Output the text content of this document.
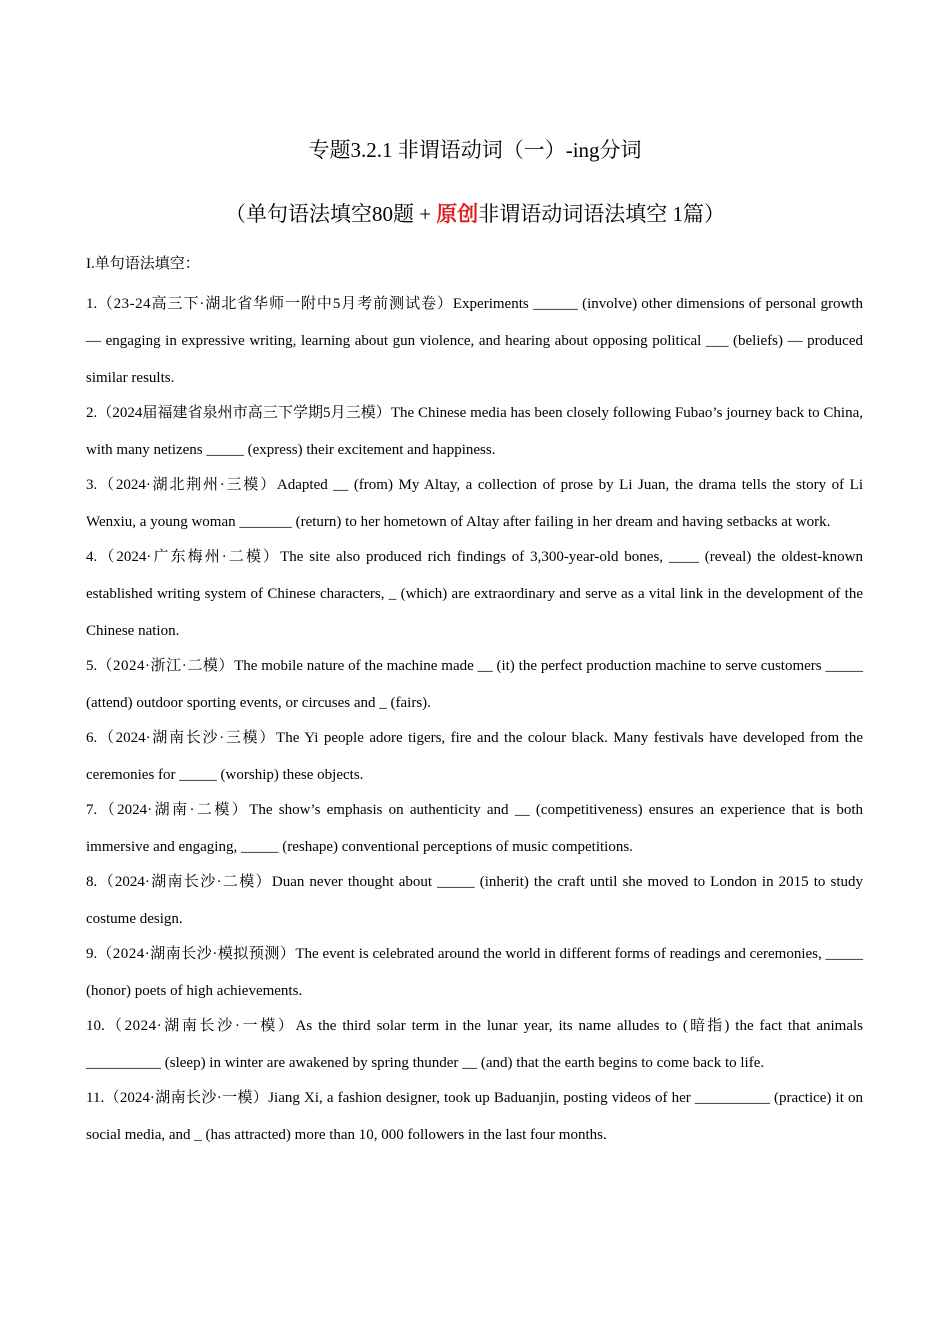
专题3.2.1 非谓语动词（一）-ing分词
（单句语法填空80题 + 原创非谓语动词语法填空 1篇）
I.单句语法填空：

1.（23-24高三下·湖北省华师一附中5月考前测试卷）Experiments ______ (involve) other dimensions of personal growth — engaging in expressive writing, learning about gun violence, and hearing about opposing political ___ (beliefs) — produced similar results.

2.（2024届福建省泉州市高三下学期5月三模）The Chinese media has been closely following Fubao’s journey back to China, with many netizens _____ (express) their excitement and happiness.

3.（2024·湖北荆州·三模）Adapted __ (from) My Altay, a collection of prose by Li Juan, the drama tells the story of Li Wenxiu, a young woman _______ (return) to her hometown of Altay after failing in her dream and having setbacks at work.

4.（2024·广东梅州·二模）The site also produced rich findings of 3,300-year-old bones, ____ (reveal) the oldest-known established writing system of Chinese characters, _ (which) are extraordinary and serve as a vital link in the development of the Chinese nation.

5.（2024·浙江·二模）The mobile nature of the machine made __ (it) the perfect production machine to serve customers _____ (attend) outdoor sporting events, or circuses and _ (fairs).

6.（2024·湖南长沙·三模）The Yi people adore tigers, fire and the colour black. Many festivals have developed from the ceremonies for _____ (worship) these objects.

7.（2024·湖南·二模）The show’s emphasis on authenticity and __ (competitiveness) ensures an experience that is both immersive and engaging, _____ (reshape) conventional perceptions of music competitions.

8.（2024·湖南长沙·二模）Duan never thought about _____ (inherit) the craft until she moved to London in 2015 to study costume design.

9.（2024·湖南长沙·模拟预测）The event is celebrated around the world in different forms of readings and ceremonies, _____ (honor) poets of high achievements.

10.（2024·湖南长沙·一模）As the third solar term in the lunar year, its name alludes to (暗指) the fact that animals __________ (sleep) in winter are awakened by spring thunder __ (and) that the earth begins to come back to life.

11.（2024·湖南长沙·一模）Jiang Xi, a fashion designer, took up Baduanjin, posting videos of her __________ (practice) it on social media, and _ (has attracted) more than 10, 000 followers in the last four months.
